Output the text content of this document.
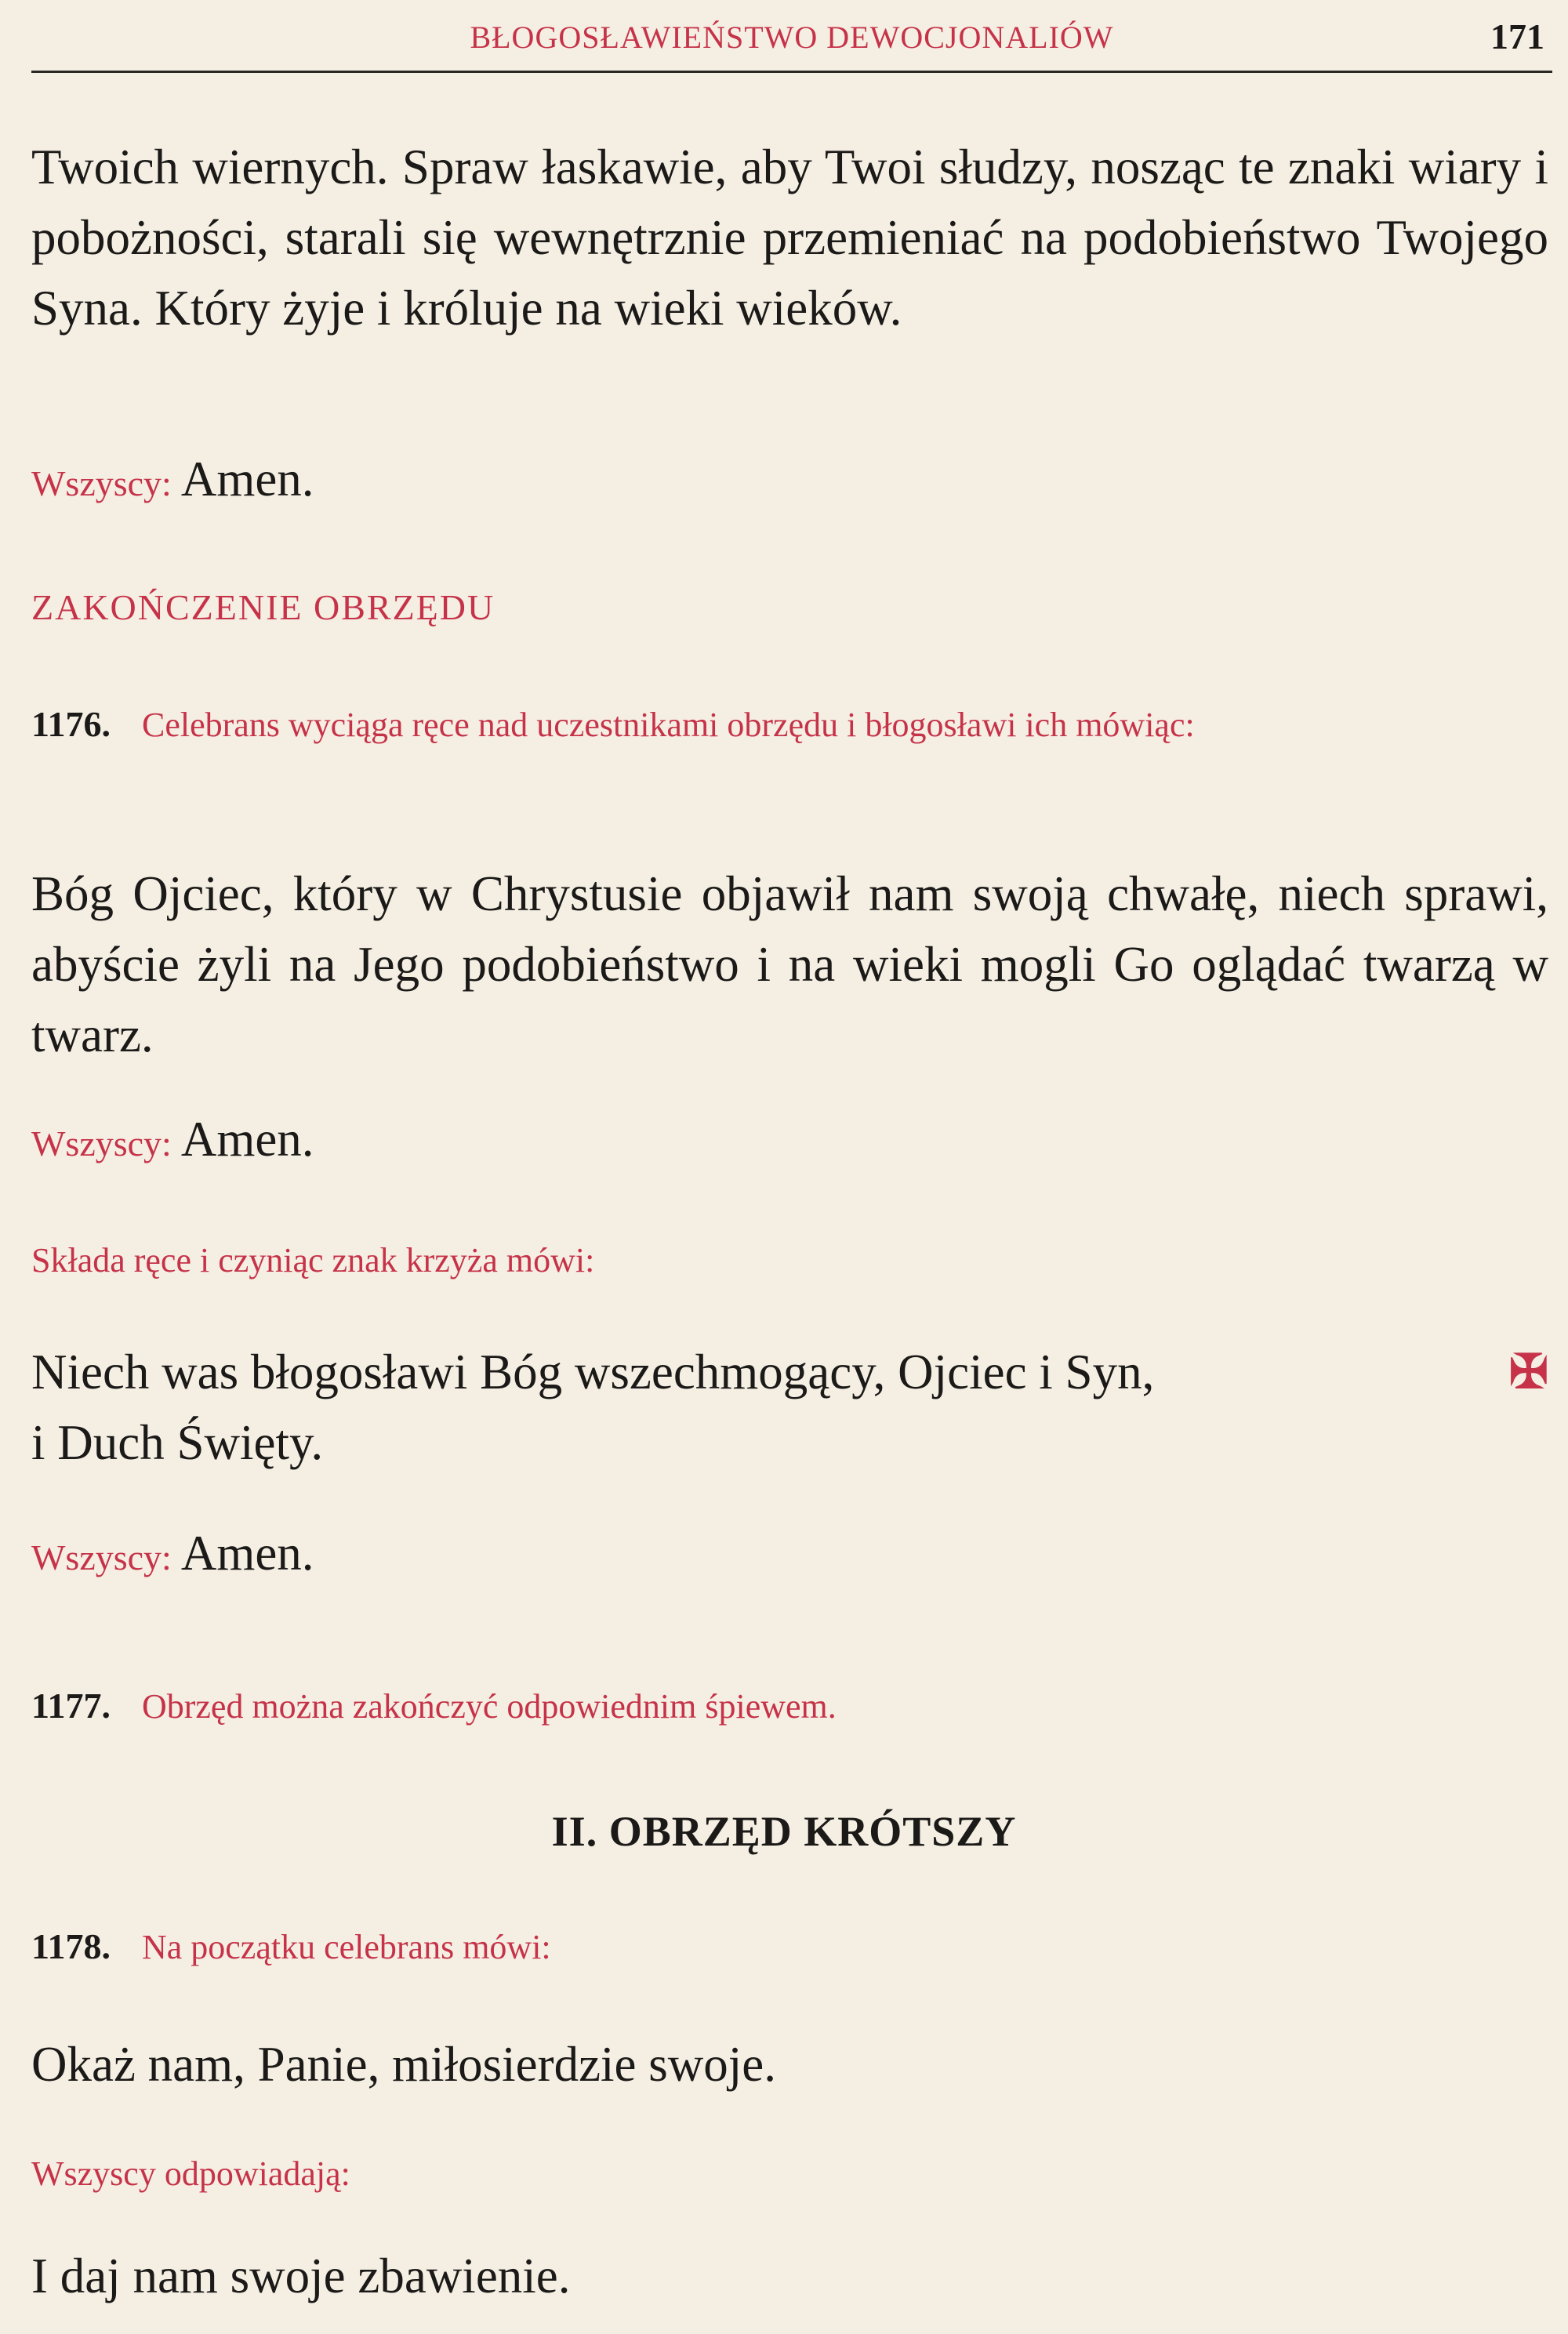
BŁOGOSŁAWIEŃSTWO DEWOCJONALIÓW	171

Twoich wiernych. Spraw łaskawie, aby Twoi słudzy, nosząc te znaki wiary i pobożności, starali się wewnętrznie przemieniać na podobieństwo Twojego Syna. Który żyje i króluje na wieki wieków.

Wszyscy: Amen.
ZAKOŃCZENIE OBRZĘDU
1176. Celebrans wyciąga ręce nad uczestnikami obrzędu i błogosławi ich mówiąc:

Bóg Ojciec, który w Chrystusie objawił nam swoją chwałę, niech sprawi, abyście żyli na Jego podobieństwo i na wieki mogli Go oglądać twarzą w twarz.

Wszyscy: Amen.
Składa ręce i czyniąc znak krzyża mówi:
Niech was błogosławi Bóg wszechmogący, Ojciec i Syn,
i Duch Święty.
✠
Wszyscy: Amen.
1177. Obrzęd można zakończyć odpowiednim śpiewem.
II. OBRZĘD KRÓTSZY
1178. Na początku celebrans mówi:
Okaż nam, Panie, miłosierdzie swoje.
Wszyscy odpowiadają:
I daj nam swoje zbawienie.
